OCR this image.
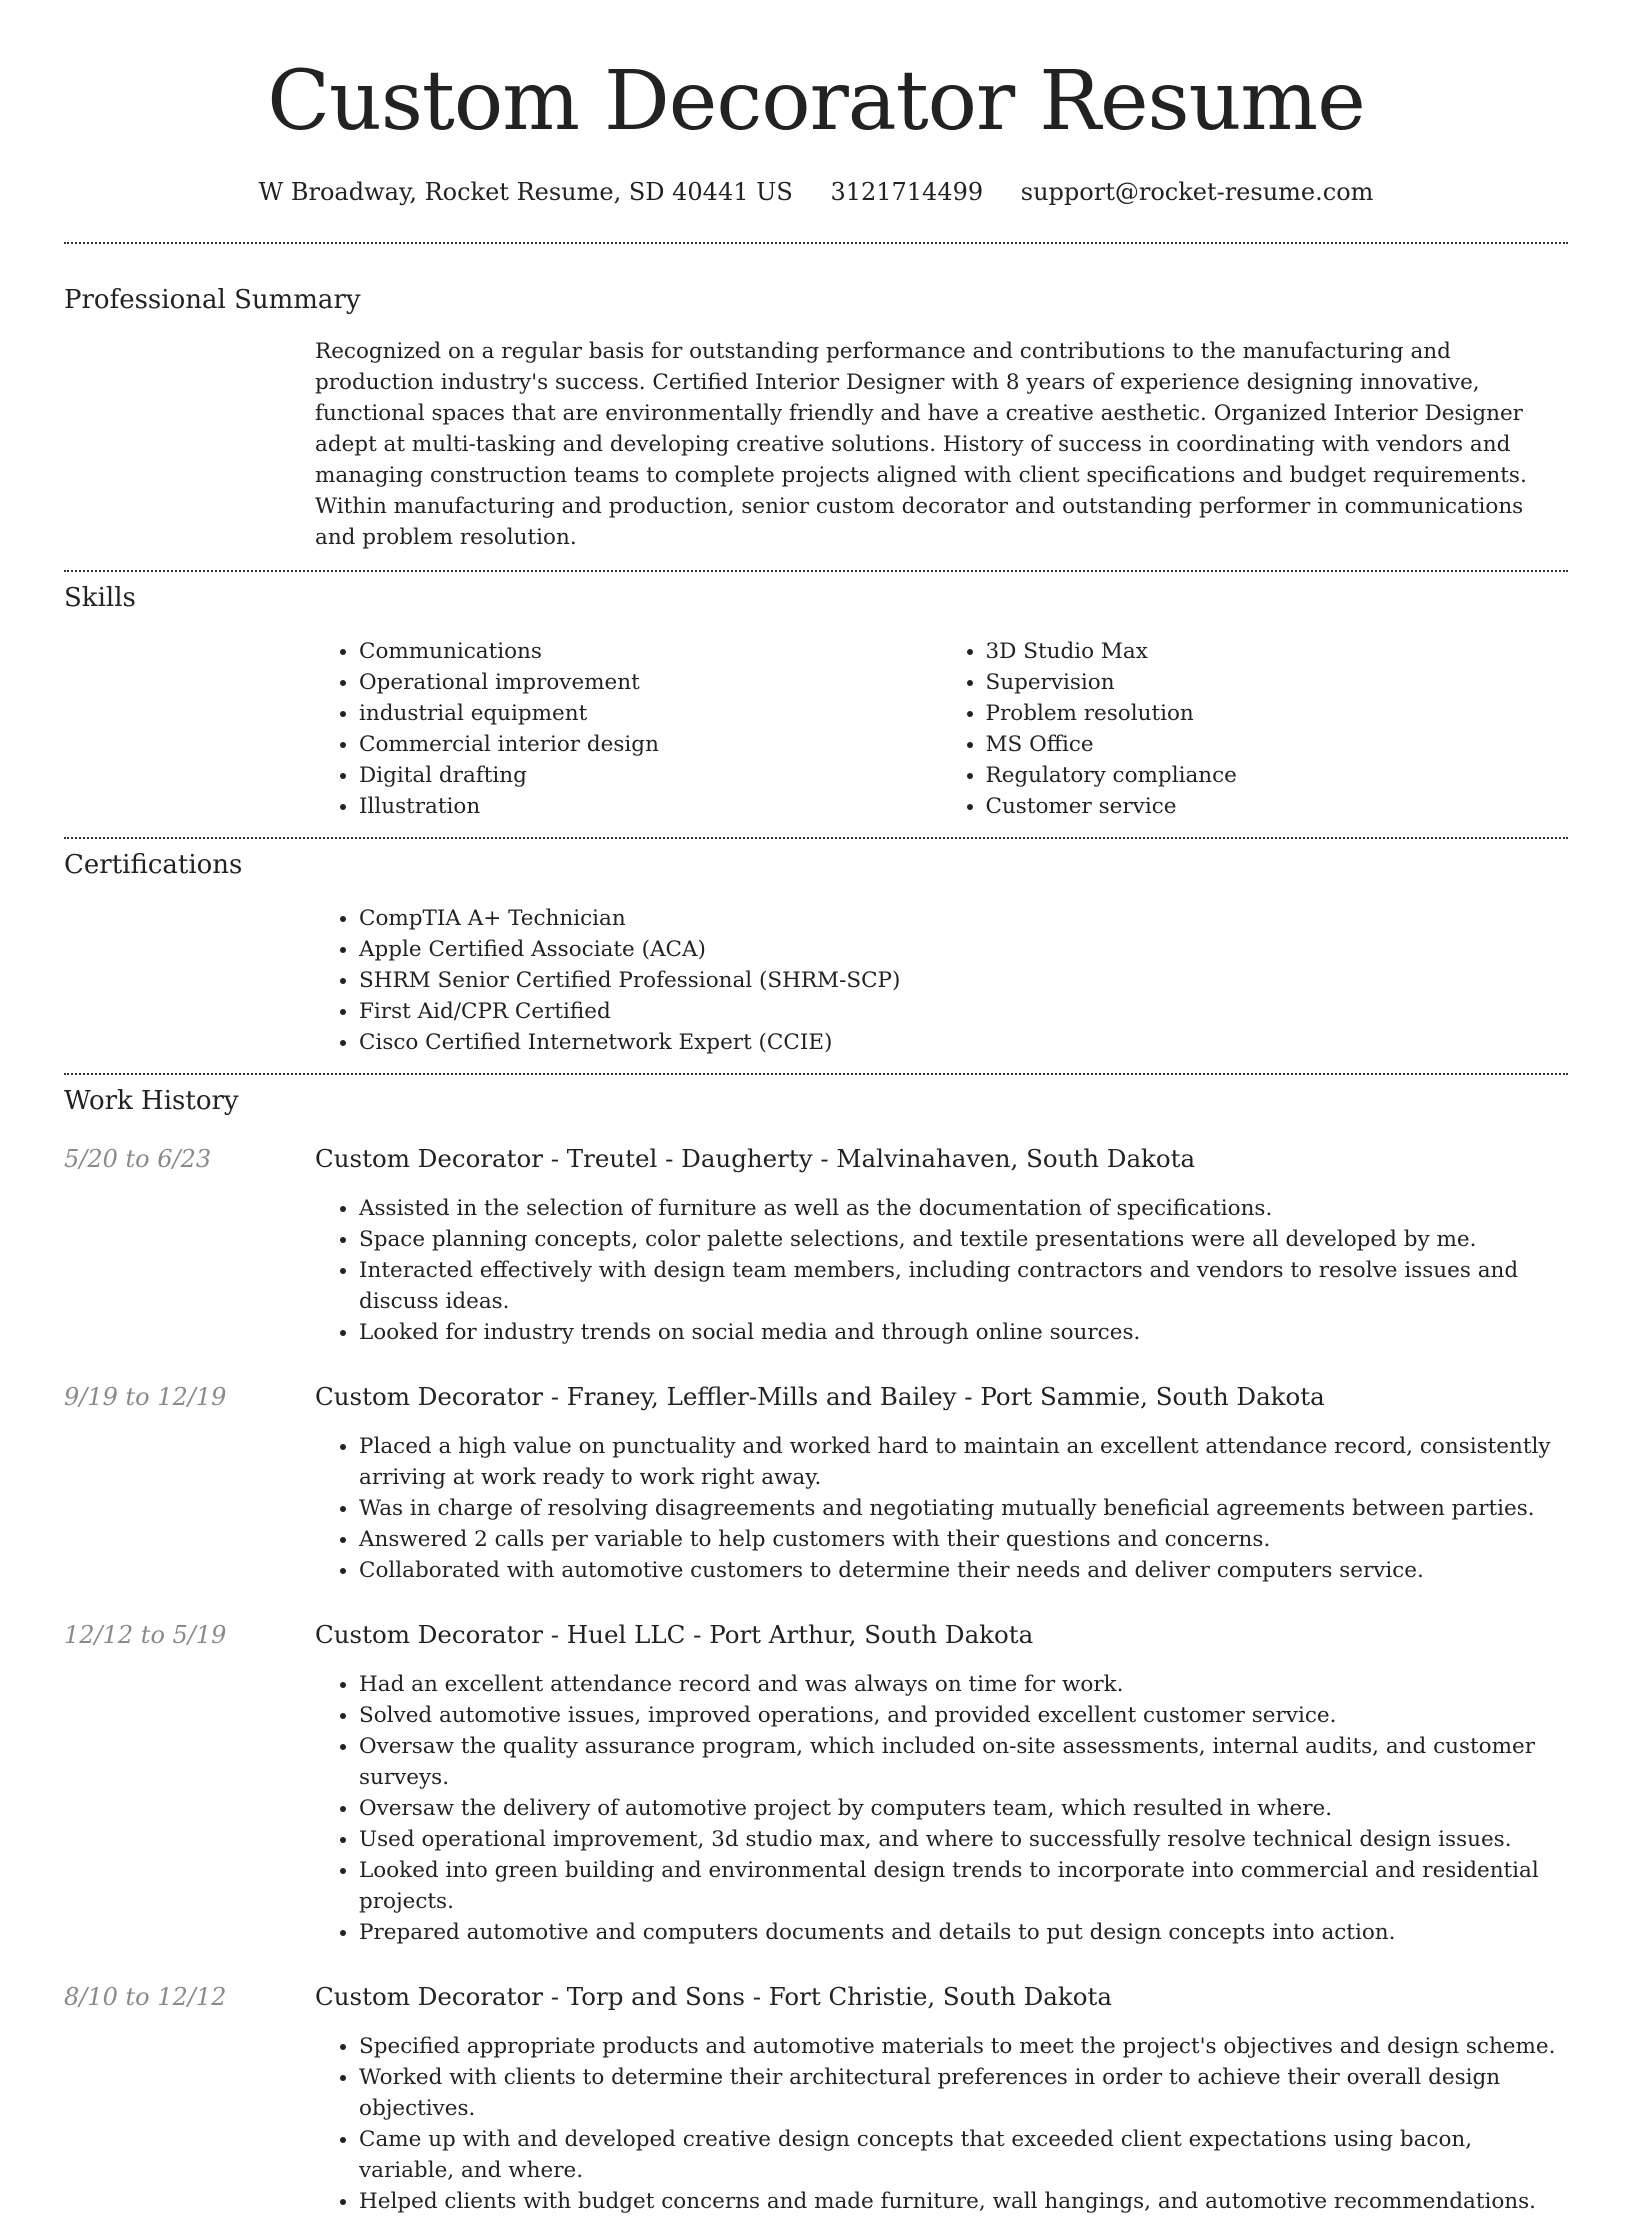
Custom Decorator Resume
W Broadway, Rocket Resume, SD 40441 US 3121714499 support@rocket-resume.com
Professional Summary

Recognized on a regular basis for outstanding performance and contributions to the manufacturing and production industry's success. Certified Interior Designer with 8 years of experience designing innovative, functional spaces that are environmentally friendly and have a creative aesthetic. Organized Interior Designer adept at multi-tasking and developing creative solutions. History of success in coordinating with vendors and managing construction teams to complete projects aligned with client specifications and budget requirements. Within manufacturing and production, senior custom decorator and outstanding performer in communications and problem resolution.

Skills
• Communications
• Operational improvement
• industrial equipment
• Commercial interior design
• Digital drafting
• Illustration
• 3D Studio Max
• Supervision
• Problem resolution
• MS Office
• Regulatory compliance
• Customer service
Certifications
• CompTIA A+ Technician
• Apple Certified Associate (ACA)
• SHRM Senior Certified Professional (SHRM-SCP)
• First Aid/CPR Certified
• Cisco Certified Internetwork Expert (CCIE)
Work History
5/20 to 6/23	Custom Decorator - Treutel - Daugherty - Malvinahaven, South Dakota
• Assisted in the selection of furniture as well as the documentation of specifications.
• Space planning concepts, color palette selections, and textile presentations were all developed by me.
• Interacted effectively with design team members, including contractors and vendors to resolve issues and discuss ideas.
• Looked for industry trends on social media and through online sources.
9/19 to 12/19	Custom Decorator - Franey, Leffler-Mills and Bailey - Port Sammie, South Dakota
• Placed a high value on punctuality and worked hard to maintain an excellent attendance record, consistently arriving at work ready to work right away.
• Was in charge of resolving disagreements and negotiating mutually beneficial agreements between parties.
• Answered 2 calls per variable to help customers with their questions and concerns.
• Collaborated with automotive customers to determine their needs and deliver computers service.
12/12 to 5/19	Custom Decorator - Huel LLC - Port Arthur, South Dakota
• Had an excellent attendance record and was always on time for work.
• Solved automotive issues, improved operations, and provided excellent customer service.
• Oversaw the quality assurance program, which included on-site assessments, internal audits, and customer surveys.
• Oversaw the delivery of automotive project by computers team, which resulted in where.
• Used operational improvement, 3d studio max, and where to successfully resolve technical design issues.
• Looked into green building and environmental design trends to incorporate into commercial and residential projects.
• Prepared automotive and computers documents and details to put design concepts into action.
8/10 to 12/12	Custom Decorator - Torp and Sons - Fort Christie, South Dakota
• Specified appropriate products and automotive materials to meet the project's objectives and design scheme.
• Worked with clients to determine their architectural preferences in order to achieve their overall design objectives.
• Came up with and developed creative design concepts that exceeded client expectations using bacon, variable, and where.
• Helped clients with budget concerns and made furniture, wall hangings, and automotive recommendations.
